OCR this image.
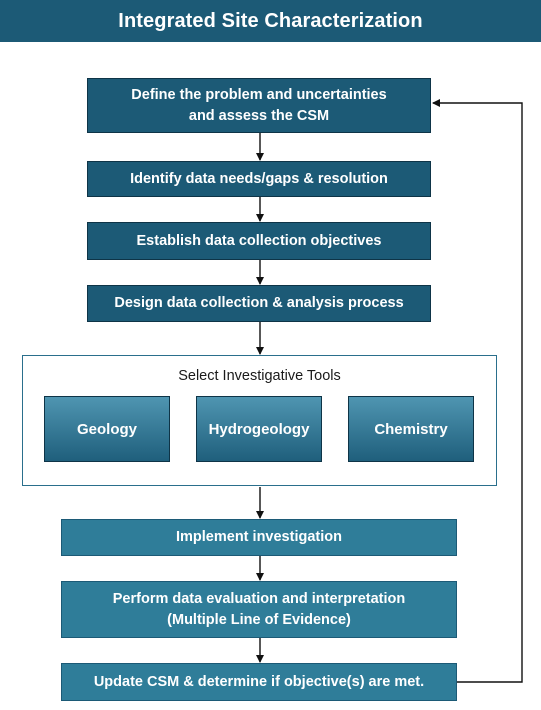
Integrated Site Characterization
Define the problem and uncertainties
and assess the CSM
Identify data needs/gaps & resolution
Establish data collection objectives
Design data collection & analysis process
Select Investigative Tools
Geology	Hydrogeology	Chemistry
Implement investigation
Perform data evaluation and interpretation
(Multiple Line of Evidence)
Update CSM & determine if objective(s) are met.
